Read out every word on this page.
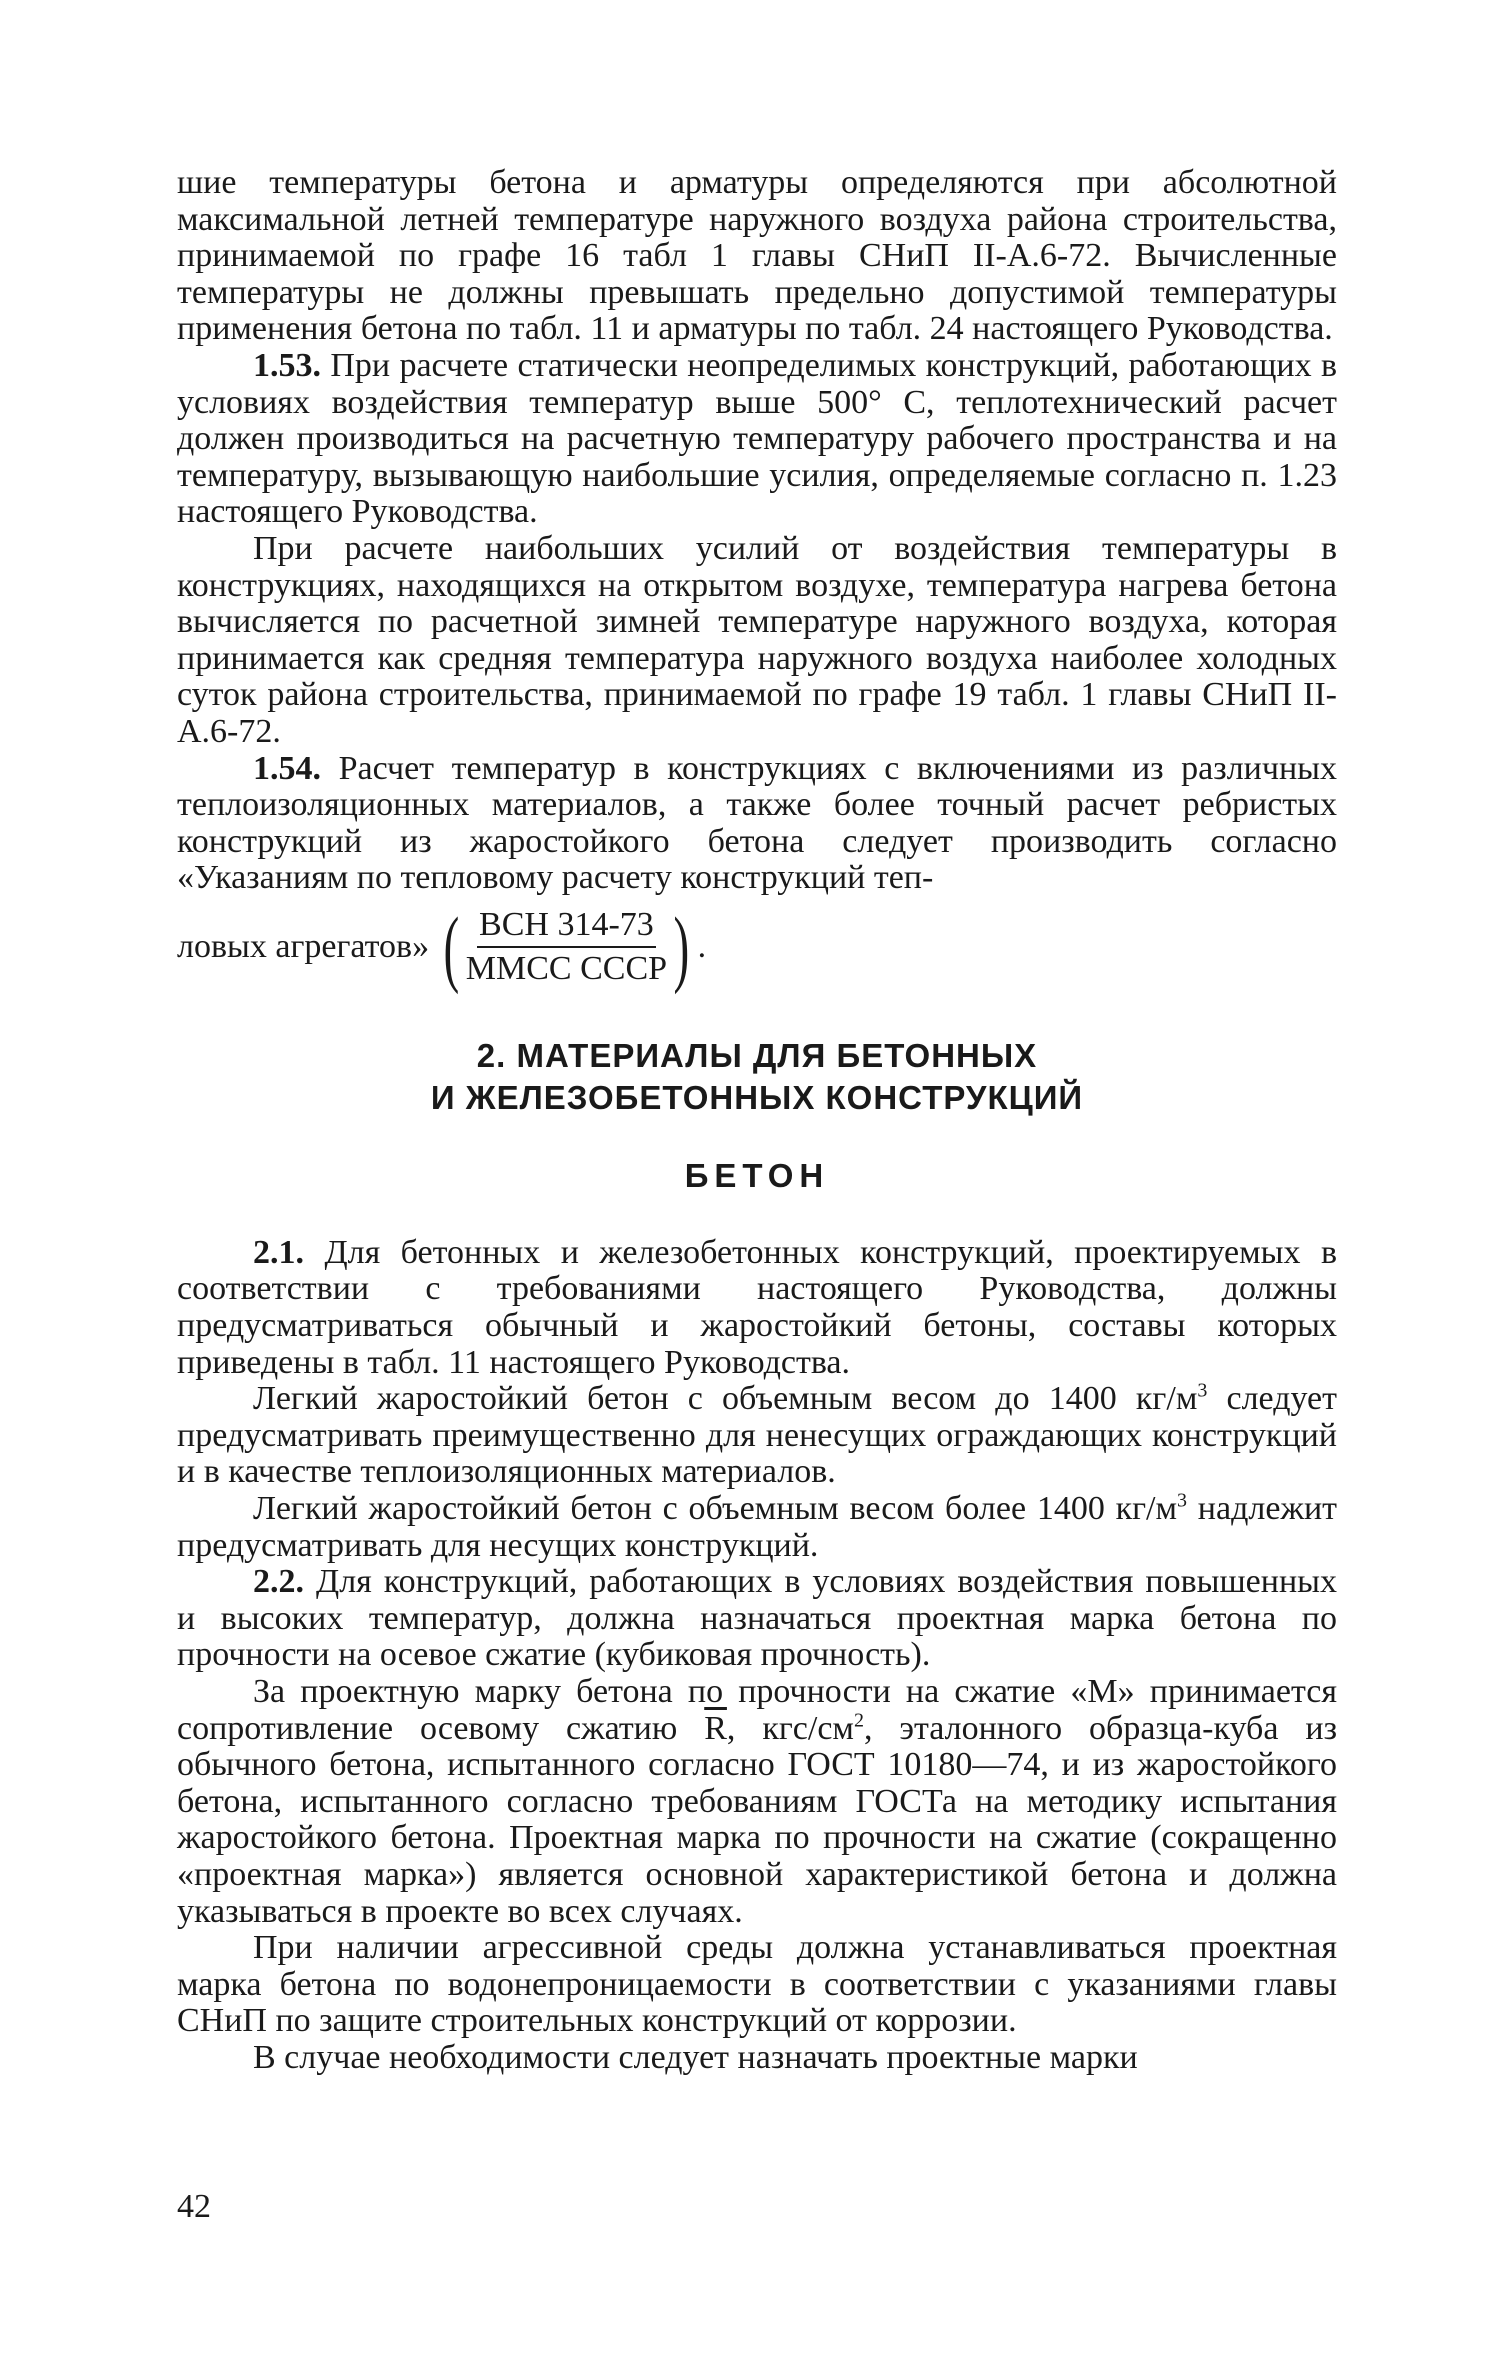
шие температуры бетона и арматуры определяются при абсолютной максимальной летней температуре наружного воздуха района строительства, принимаемой по графе 16 табл 1 главы СНиП II-А.6-72. Вычисленные температуры не должны превышать предельно допустимой температуры применения бетона по табл. 11 и арматуры по табл. 24 настоящего Руководства.

1.53. При расчете статически неопределимых конструкций, работающих в условиях воздействия температур выше 500° С, теплотехнический расчет должен производиться на расчетную температуру рабочего пространства и на температуру, вызывающую наибольшие усилия, определяемые согласно п. 1.23 настоящего Руководства.

При расчете наибольших усилий от воздействия температуры в конструкциях, находящихся на открытом воздухе, температура нагрева бетона вычисляется по расчетной зимней температуре наружного воздуха, которая принимается как средняя температура наружного воздуха наиболее холодных суток района строительства, принимаемой по графе 19 табл. 1 главы СНиП II-А.6-72.

1.54. Расчет температур в конструкциях с включениями из различных теплоизоляционных материалов, а также более точный расчет ребристых конструкций из жаростойкого бетона следует производить согласно «Указаниям по тепловому расчету конструкций теп-

ловых агрегатов» ( $\frac{\text{ВСН 314-73}}{\text{ММСС СССР}}$ ) .
2. МАТЕРИАЛЫ ДЛЯ БЕТОННЫХ
И ЖЕЛЕЗОБЕТОННЫХ КОНСТРУКЦИЙ
БЕТОН

2.1. Для бетонных и железобетонных конструкций, проектируемых в соответствии с требованиями настоящего Руководства, должны предусматриваться обычный и жаростойкий бетоны, составы которых приведены в табл. 11 настоящего Руководства.

Легкий жаростойкий бетон с объемным весом до 1400 $кг/м^3$ следует предусматривать преимущественно для ненесущих ограждающих конструкций и в качестве теплоизоляционных материалов.

Легкий жаростойкий бетон с объемным весом более 1400 $кг/м^3$ надлежит предусматривать для несущих конструкций.

2.2. Для конструкций, работающих в условиях воздействия повышенных и высоких температур, должна назначаться проектная марка бетона по прочности на осевое сжатие (кубиковая прочность).

За проектную марку бетона по прочности на сжатие «М» принимается сопротивление осевому сжатию $\overline{R}$, кгс/$см^2$, эталонного образца-куба из обычного бетона, испытанного согласно ГОСТ 10180—74, и из жаростойкого бетона, испытанного согласно требованиям ГОСТа на методику испытания жаростойкого бетона. Проектная марка по прочности на сжатие (сокращенно «проектная марка») является основной характеристикой бетона и должна указываться в проекте во всех случаях.

При наличии агрессивной среды должна устанавливаться проектная марка бетона по водонепроницаемости в соответствии с указаниями главы СНиП по защите строительных конструкций от коррозии.

В случае необходимости следует назначать проектные марки

42
